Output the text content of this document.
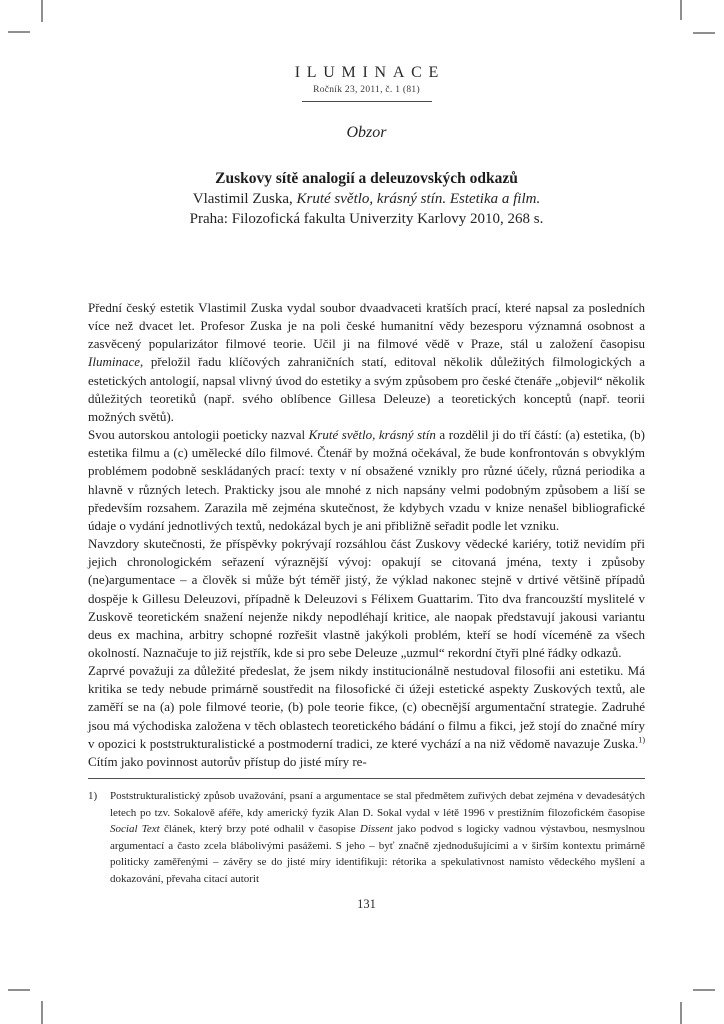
ILUMINACE
Ročník 23, 2011, č. 1 (81)
Obzor
Zuskovy sítě analogií a deleuzovských odkazů
Vlastimil Zuska, Kruté světlo, krásný stín. Estetika a film.
Praha: Filozofická fakulta Univerzity Karlovy 2010, 268 s.

Přední český estetik Vlastimil Zuska vydal soubor dvaadvaceti kratších prací, které napsal za posledních více než dvacet let. Profesor Zuska je na poli české humanitní vědy bezesporu významná osobnost a zasvěcený popularizátor filmové teorie. Učil ji na filmové vědě v Praze, stál u založení časopisu Iluminace, přeložil řadu klíčových zahraničních statí, editoval několik důležitých filmologických a estetických antologií, napsal vlivný úvod do estetiky a svým způsobem pro české čtenáře „objevil“ několik důležitých teoretiků (např. svého oblíbence Gillesa Deleuze) a teoretických konceptů (např. teorii možných světů).

Svou autorskou antologii poeticky nazval Kruté světlo, krásný stín a rozdělil ji do tří částí: (a) estetika, (b) estetika filmu a (c) umělecké dílo filmové. Čtenář by možná očekával, že bude konfrontován s obvyklým problémem podobně seskládaných prací: texty v ní obsažené vznikly pro různé účely, různá periodika a hlavně v různých letech. Prakticky jsou ale mnohé z nich napsány velmi podobným způsobem a liší se především rozsahem. Zarazila mě zejména skutečnost, že kdybych vzadu v knize nenašel bibliografické údaje o vydání jednotlivých textů, nedokázal bych je ani přibližně seřadit podle let vzniku.

Navzdory skutečnosti, že příspěvky pokrývají rozsáhlou část Zuskovy vědecké kariéry, totiž nevidím při jejich chronologickém seřazení výraznější vývoj: opakují se citovaná jména, texty i způsoby (ne)argumentace – a člověk si může být téměř jistý, že výklad nakonec stejně v drtivé většině případů dospěje k Gillesu Deleuzovi, případně k Deleuzovi s Félixem Guattarim. Tito dva francouzští myslitelé v Zuskově teoretickém snažení nejenže nikdy nepodléhají kritice, ale naopak představují jakousi variantu deus ex machina, arbitry schopné rozřešit vlastně jakýkoli problém, kteří se hodí víceméně za všech okolností. Naznačuje to již rejstřík, kde si pro sebe Deleuze „uzmul“ rekordní čtyři plné řádky odkazů.

Zaprvé považuji za důležité předeslat, že jsem nikdy institucionálně nestudoval filosofii ani estetiku. Má kritika se tedy nebude primárně soustředit na filosofické či úžeji estetické aspekty Zuskových textů, ale zaměří se na (a) pole filmové teorie, (b) pole teorie fikce, (c) obecnější argumentační strategie. Zadruhé jsou má východiska založena v těch oblastech teoretického bádání o filmu a fikci, jež stojí do značné míry v opozici k poststrukturalistické a postmoderní tradici, ze které vychází a na niž vědomě navazuje Zuska.$^{1)}$ Cítím jako povinnost autorův přístup do jisté míry re-

1)	Poststrukturalistický způsob uvažování, psaní a argumentace se stal předmětem zuřivých debat zejména v devadesátých letech po tzv. Sokalově aféře, kdy americký fyzik Alan D. Sokal vydal v létě 1996 v prestižním filozofickém časopise Social Text článek, který brzy poté odhalil v časopise Dissent jako podvod s logicky vadnou výstavbou, nesmyslnou argumentací a často zcela blábolivými pasážemi. S jeho – byť značně zjednodušujícími a v širším kontextu primárně politicky zaměřenými – závěry se do jisté míry identifikuji: rétorika a spekulativnost namísto vědeckého myšlení a dokazování, převaha citací autorit
131
